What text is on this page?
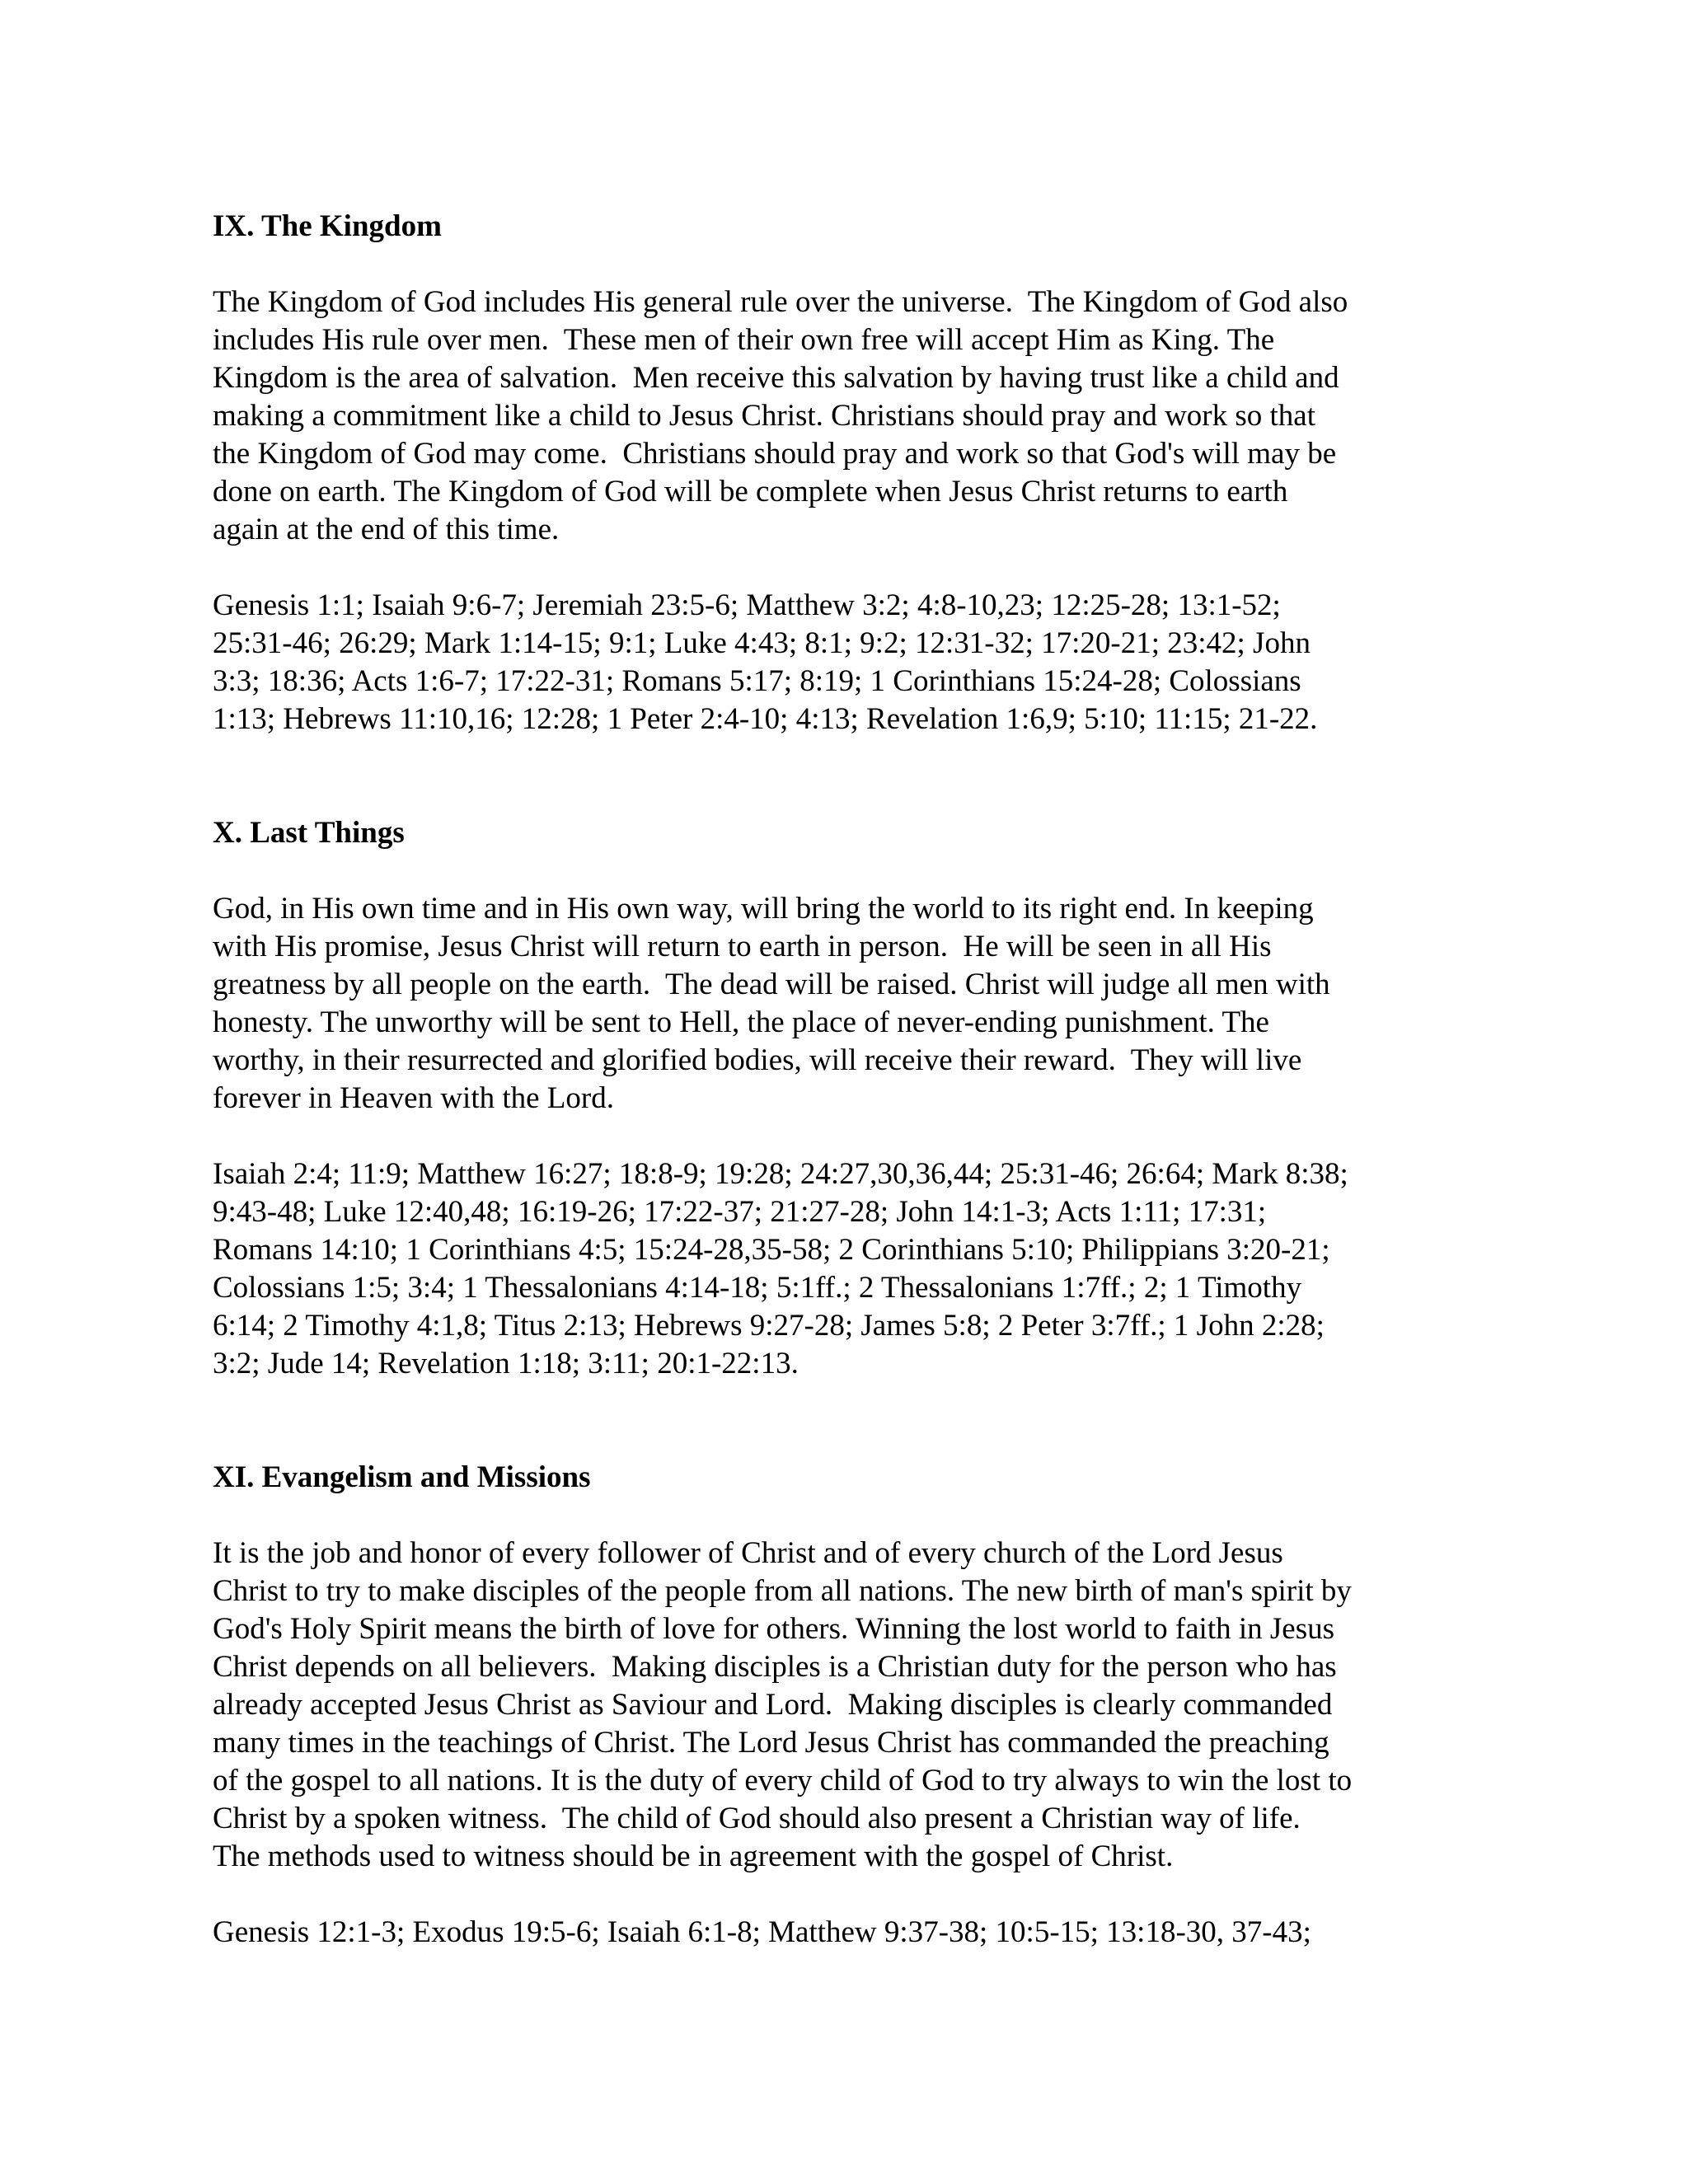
IX. The Kingdom
The Kingdom of God includes His general rule over the universe.  The Kingdom of God also
includes His rule over men.  These men of their own free will accept Him as King. The
Kingdom is the area of salvation.  Men receive this salvation by having trust like a child and
making a commitment like a child to Jesus Christ. Christians should pray and work so that
the Kingdom of God may come.  Christians should pray and work so that God's will may be
done on earth. The Kingdom of God will be complete when Jesus Christ returns to earth
again at the end of this time.
Genesis 1:1; Isaiah 9:6-7; Jeremiah 23:5-6; Matthew 3:2; 4:8-10,23; 12:25-28; 13:1-52;
25:31-46; 26:29; Mark 1:14-15; 9:1; Luke 4:43; 8:1; 9:2; 12:31-32; 17:20-21; 23:42; John
3:3; 18:36; Acts 1:6-7; 17:22-31; Romans 5:17; 8:19; 1 Corinthians 15:24-28; Colossians
1:13; Hebrews 11:10,16; 12:28; 1 Peter 2:4-10; 4:13; Revelation 1:6,9; 5:10; 11:15; 21-22.
X. Last Things
God, in His own time and in His own way, will bring the world to its right end. In keeping
with His promise, Jesus Christ will return to earth in person.  He will be seen in all His
greatness by all people on the earth.  The dead will be raised. Christ will judge all men with
honesty. The unworthy will be sent to Hell, the place of never-ending punishment. The
worthy, in their resurrected and glorified bodies, will receive their reward.  They will live
forever in Heaven with the Lord.
Isaiah 2:4; 11:9; Matthew 16:27; 18:8-9; 19:28; 24:27,30,36,44; 25:31-46; 26:64; Mark 8:38;
9:43-48; Luke 12:40,48; 16:19-26; 17:22-37; 21:27-28; John 14:1-3; Acts 1:11; 17:31;
Romans 14:10; 1 Corinthians 4:5; 15:24-28,35-58; 2 Corinthians 5:10; Philippians 3:20-21;
Colossians 1:5; 3:4; 1 Thessalonians 4:14-18; 5:1ff.; 2 Thessalonians 1:7ff.; 2; 1 Timothy
6:14; 2 Timothy 4:1,8; Titus 2:13; Hebrews 9:27-28; James 5:8; 2 Peter 3:7ff.; 1 John 2:28;
3:2; Jude 14; Revelation 1:18; 3:11; 20:1-22:13.
XI. Evangelism and Missions
It is the job and honor of every follower of Christ and of every church of the Lord Jesus
Christ to try to make disciples of the people from all nations. The new birth of man's spirit by
God's Holy Spirit means the birth of love for others. Winning the lost world to faith in Jesus
Christ depends on all believers.  Making disciples is a Christian duty for the person who has
already accepted Jesus Christ as Saviour and Lord.  Making disciples is clearly commanded
many times in the teachings of Christ. The Lord Jesus Christ has commanded the preaching
of the gospel to all nations. It is the duty of every child of God to try always to win the lost to
Christ by a spoken witness.  The child of God should also present a Christian way of life.
The methods used to witness should be in agreement with the gospel of Christ.
Genesis 12:1-3; Exodus 19:5-6; Isaiah 6:1-8; Matthew 9:37-38; 10:5-15; 13:18-30, 37-43;
